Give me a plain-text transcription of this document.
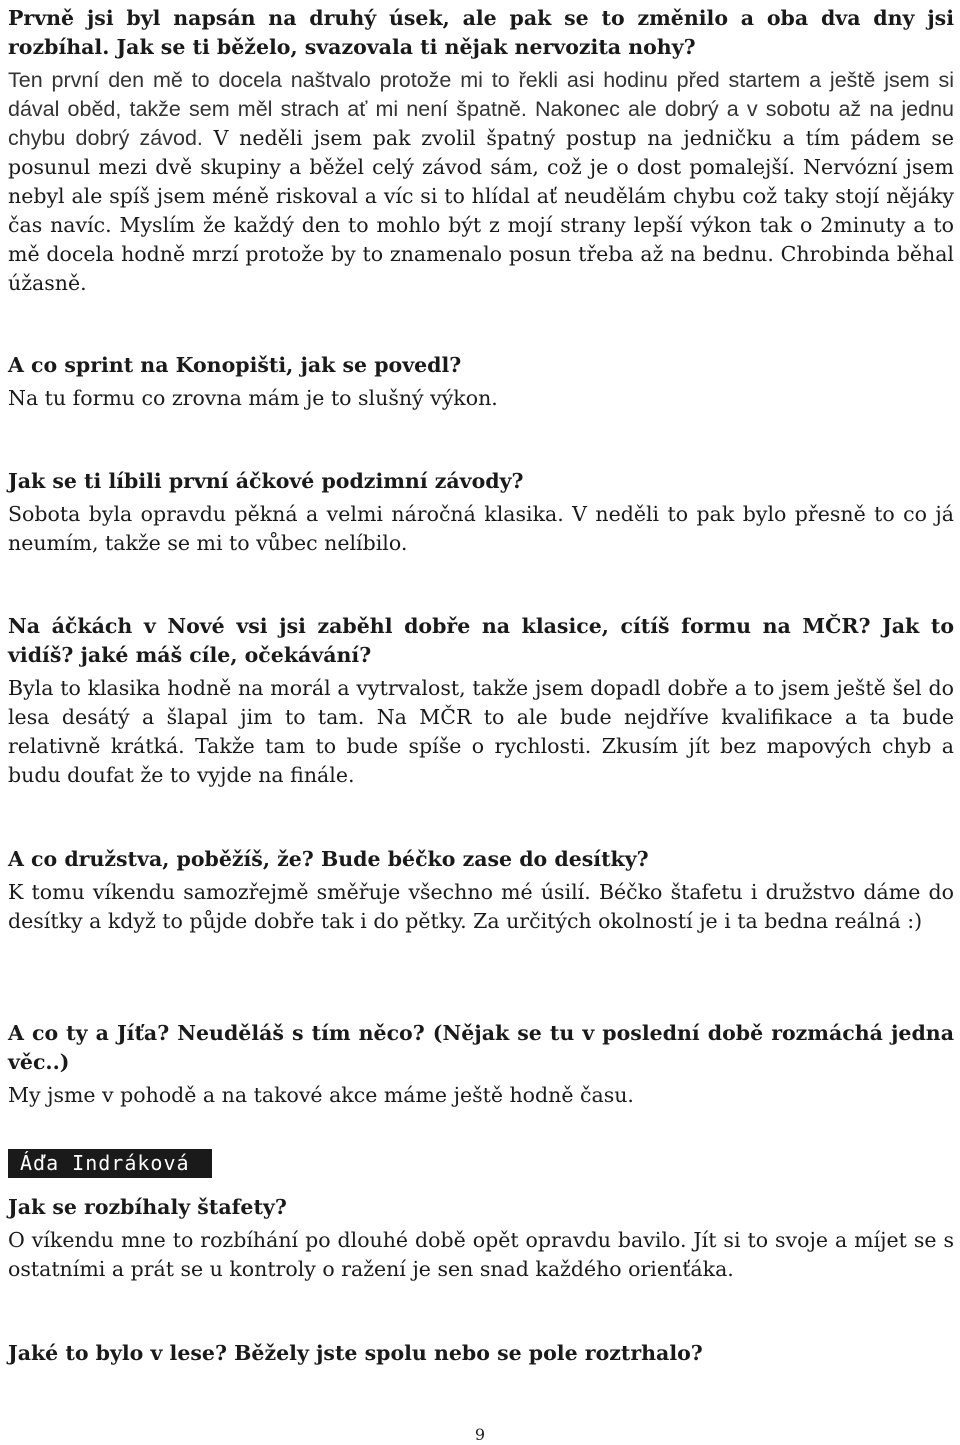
Prvně jsi byl napsán na druhý úsek, ale pak se to změnilo a oba dva dny jsi rozbíhal. Jak se ti běželo, svazovala ti nějak nervozita nohy?

Ten první den mě to docela naštvalo protože mi to řekli asi hodinu před startem a ještě jsem si dával oběd, takže sem měl strach ať mi není špatně. Nakonec ale dobrý a v sobotu až na jednu chybu dobrý závod. V neděli jsem pak zvolil špatný postup na jedničku a tím pádem se posunul mezi dvě skupiny a běžel celý závod sám, což je o dost pomalejší. Nervózní jsem nebyl ale spíš jsem méně riskoval a víc si to hlídal ať neudělám chybu což taky stojí nějáky čas navíc. Myslím že každý den to mohlo být z mojí strany lepší výkon tak o 2minuty a to mě docela hodně mrzí protože by to znamenalo posun třeba až na bednu. Chrobinda běhal úžasně.

A co sprint na Konopišti, jak se povedl?

Na tu formu co zrovna mám je to slušný výkon.

Jak se ti líbili první áčkové podzimní závody?

Sobota byla opravdu pěkná a velmi náročná klasika. V neděli to pak bylo přesně to co já neumím, takže se mi to vůbec nelíbilo.

Na áčkách v Nové vsi jsi zaběhl dobře na klasice, cítíš formu na MČR? Jak to vidíš? jaké máš cíle, očekávání?

Byla to klasika hodně na morál a vytrvalost, takže jsem dopadl dobře a to jsem ještě šel do lesa desátý a šlapal jim to tam. Na MČR to ale bude nejdříve kvalifikace a ta bude relativně krátká. Takže tam to bude spíše o rychlosti. Zkusím jít bez mapových chyb a budu doufat že to vyjde na finále.

A co družstva, poběžíš, že? Bude béčko zase do desítky?

K tomu víkendu samozřejmě směřuje všechno mé úsilí. Béčko štafetu i družstvo dáme do desítky a když to půjde dobře tak i do pětky. Za určitých okolností je i ta bedna reálná :)

A co ty a Jíťa? Neuděláš s tím něco? (Nějak se tu v poslední době rozmáchá jedna věc..)

My jsme v pohodě a na takové akce máme ještě hodně času.

Áďa Indráková

Jak se rozbíhaly štafety?

O víkendu mne to rozbíhání po dlouhé době opět opravdu bavilo. Jít si to svoje a míjet se s ostatními a prát se u kontroly o ražení je sen snad každého orienťáka.

Jaké to bylo v lese? Běžely jste spolu nebo se pole roztrhalo?

9
